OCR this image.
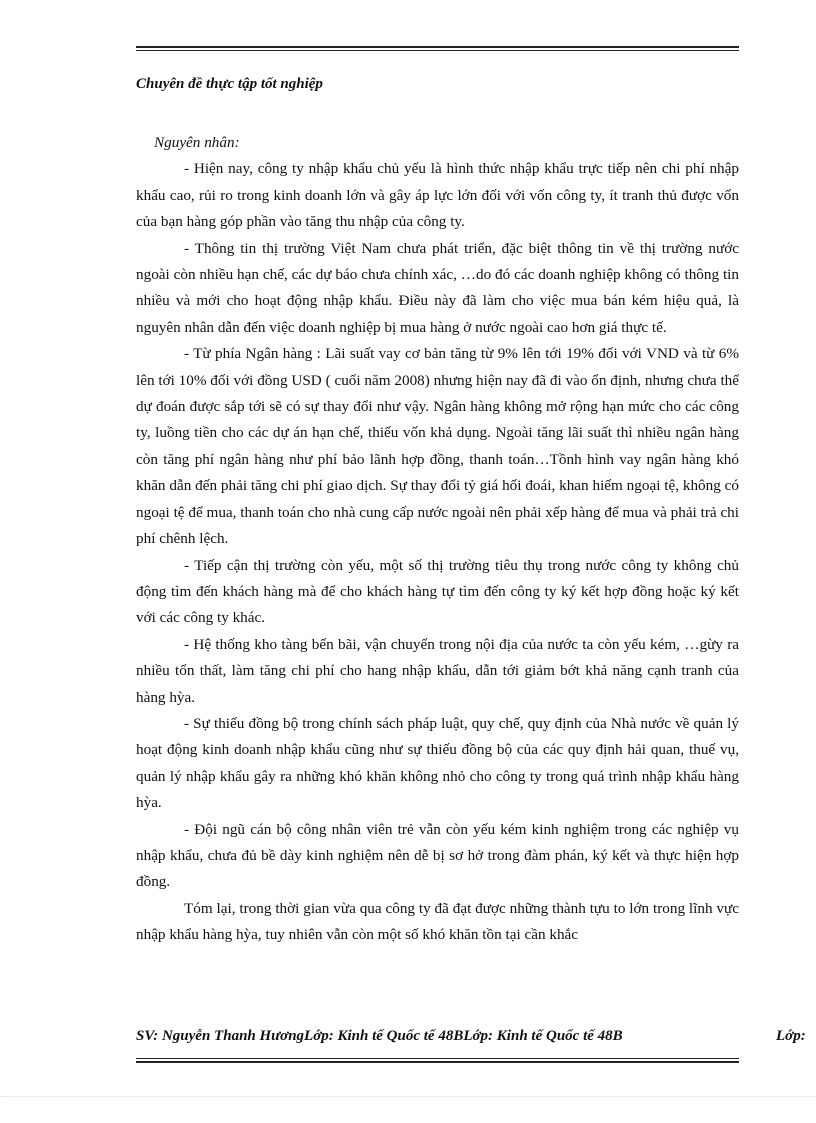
Chuyên đề thực tập tốt nghiệp

Nguyên nhân:

- Hiện nay, công ty nhập khẩu chủ yếu là hình thức nhập khẩu trực tiếp nên chi phí nhập khẩu cao, rủi ro trong kinh doanh lớn và gây áp lực lớn đối với vốn công ty, ít tranh thủ được vốn của bạn hàng góp phần vào tăng thu nhập của công ty.

- Thông tin thị trường Việt Nam chưa phát triển, đặc biệt thông tin về thị trường nước ngoài còn nhiều hạn chế, các dự báo chưa chính xác, …do đó các doanh nghiệp không có thông tin nhiều và mới cho hoạt động nhập khẩu. Điều này đã làm cho việc mua bán kém hiệu quả, là nguyên nhân dẫn đến việc doanh nghiệp bị mua hàng ở nước ngoài cao hơn giá thực tế.

- Từ phía Ngân hàng : Lãi suất vay cơ bản tăng từ 9% lên tới 19% đối với VND và từ 6% lên tới 10% đối với đồng USD ( cuối năm 2008) nhưng hiện nay đã đi vào ổn định, nhưng chưa thể dự đoán được sắp tới sẽ có sự thay đổi như vậy. Ngân hàng không mở rộng hạn mức cho các công ty, luồng tiền cho các dự án hạn chế, thiếu vốn khả dụng. Ngoài tăng lãi suất thì nhiều ngân hàng còn tăng phí ngân hàng như phí bảo lãnh hợp đồng, thanh toán…Tồnh hình vay ngân hàng khó khăn dẫn đến phải tăng chi phí giao dịch. Sự thay đổi tỷ giá hối đoái, khan hiếm ngoại tệ, không có ngoại tệ để mua, thanh toán cho nhà cung cấp nước ngoài nên phải xếp hàng để mua và phải trả chi phí chênh lệch.

- Tiếp cận thị trường còn yếu, một số thị trường tiêu thụ trong nước công ty không chủ động tìm đến khách hàng mà để cho khách hàng tự tìm đến công ty ký kết hợp đồng hoặc ký kết với các công ty khác.

- Hệ thống kho tàng bến bãi, vận chuyển trong nội địa của nước ta còn yếu kém, …gừy ra nhiều tổn thất, làm tăng chi phí cho hang nhập khẩu, dẫn tới giảm bớt khả năng cạnh tranh của hàng hỳa.

- Sự thiếu đồng bộ trong chính sách pháp luật, quy chế, quy định của Nhà nước về quản lý hoạt động kinh doanh nhập khẩu cũng như sự thiếu đồng bộ của các quy định hải quan, thuế vụ, quản lý nhập khẩu gây ra những khó khăn không nhỏ cho công ty trong quá trình nhập khẩu hàng hỳa.

- Đội ngũ cán bộ công nhân viên trẻ vẫn còn yếu kém kinh nghiệm trong các nghiệp vụ nhập khẩu, chưa đủ bề dày kinh nghiệm nên dễ bị sơ hở trong đàm phán, ký kết và thực hiện hợp đồng.

Tóm lại, trong thời gian vừa qua công ty đã đạt được những thành tựu to lớn trong lĩnh vực nhập khẩu hàng hỳa, tuy nhiên vẫn còn một số khó khăn tồn tại cần khắc

SV: Nguyễn Thanh HươngLớp: Kinh tế Quốc tế 48BLớp: Kinh tế Quốc tế 48B	Lớp:
